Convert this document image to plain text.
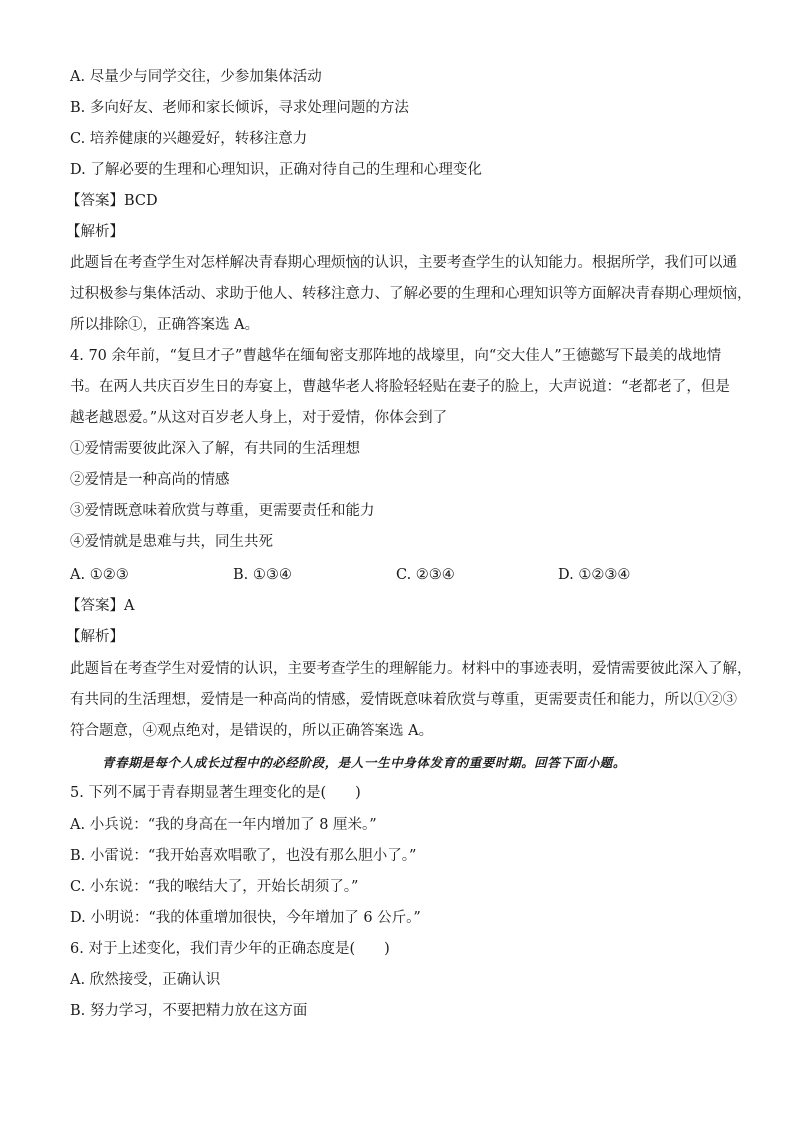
A. 尽量少与同学交往，少参加集体活动
B. 多向好友、老师和家长倾诉，寻求处理问题的方法
C. 培养健康的兴趣爱好，转移注意力
D. 了解必要的生理和心理知识，正确对待自己的生理和心理变化
【答案】BCD
【解析】
此题旨在考查学生对怎样解决青春期心理烦恼的认识，主要考查学生的认知能力。根据所学，我们可以通
过积极参与集体活动、求助于他人、转移注意力、了解必要的生理和心理知识等方面解决青春期心理烦恼，
所以排除①，正确答案选 A。
4. 70 余年前，“复旦才子”曹越华在缅甸密支那阵地的战壕里，向“交大佳人”王德懿写下最美的战地情
书。在两人共庆百岁生日的寿宴上，曹越华老人将脸轻轻贴在妻子的脸上，大声说道：“老都老了，但是
越老越恩爱。”从这对百岁老人身上，对于爱情，你体会到了
①爱情需要彼此深入了解，有共同的生活理想
②爱情是一种高尚的情感
③爱情既意味着欣赏与尊重，更需要责任和能力
④爱情就是患难与共，同生共死
A. ①②③	B. ①③④	C. ②③④	D. ①②③④
【答案】A
【解析】
此题旨在考查学生对爱情的认识，主要考查学生的理解能力。材料中的事迹表明，爱情需要彼此深入了解，
有共同的生活理想，爱情是一种高尚的情感，爱情既意味着欣赏与尊重，更需要责任和能力，所以①②③
符合题意，④观点绝对，是错误的，所以正确答案选 A。
青春期是每个人成长过程中的必经阶段，是人一生中身体发育的重要时期。回答下面小题。
5. 下列不属于青春期显著生理变化的是(　　)
A. 小兵说：“我的身高在一年内增加了 8 厘米。”
B. 小雷说：“我开始喜欢唱歌了，也没有那么胆小了。”
C. 小东说：“我的喉结大了，开始长胡须了。”
D. 小明说：“我的体重增加很快，今年增加了 6 公斤。”
6. 对于上述变化，我们青少年的正确态度是(　　)
A. 欣然接受，正确认识
B. 努力学习，不要把精力放在这方面
